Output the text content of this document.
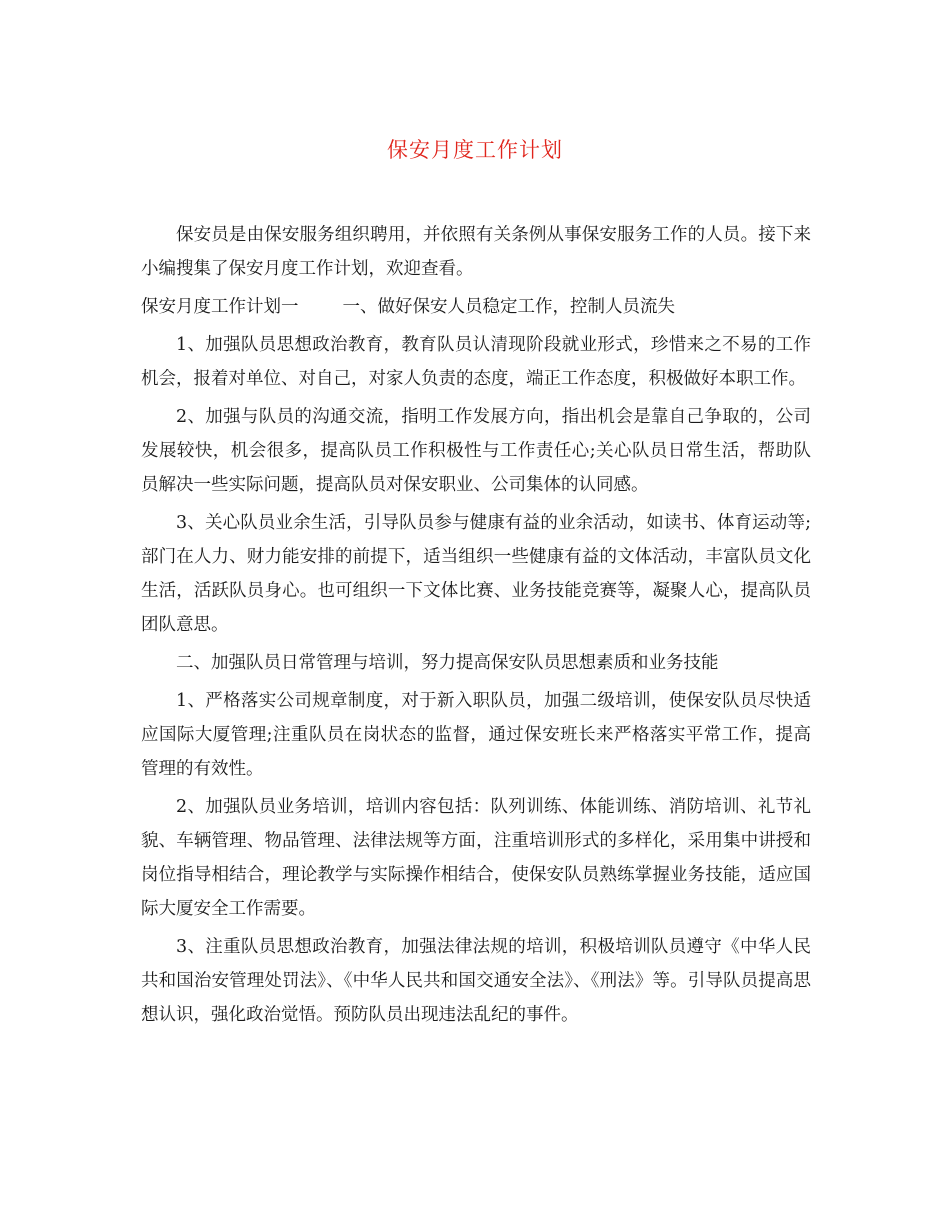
保安月度工作计划

保安员是由保安服务组织聘用，并依照有关条例从事保安服务工作的人员。接下来小编搜集了保安月度工作计划，欢迎查看。

保安月度工作计划一	一、做好保安人员稳定工作，控制人员流失

1、加强队员思想政治教育，教育队员认清现阶段就业形式，珍惜来之不易的工作机会，报着对单位、对自己，对家人负责的态度，端正工作态度，积极做好本职工作。

2、加强与队员的沟通交流，指明工作发展方向，指出机会是靠自己争取的，公司发展较快，机会很多，提高队员工作积极性与工作责任心;关心队员日常生活，帮助队员解决一些实际问题，提高队员对保安职业、公司集体的认同感。

3、关心队员业余生活，引导队员参与健康有益的业余活动，如读书、体育运动等;部门在人力、财力能安排的前提下，适当组织一些健康有益的文体活动，丰富队员文化生活，活跃队员身心。也可组织一下文体比赛、业务技能竞赛等，凝聚人心，提高队员团队意思。

二、加强队员日常管理与培训，努力提高保安队员思想素质和业务技能

1、严格落实公司规章制度，对于新入职队员，加强二级培训，使保安队员尽快适应国际大厦管理;注重队员在岗状态的监督，通过保安班长来严格落实平常工作，提高管理的有效性。

2、加强队员业务培训，培训内容包括：队列训练、体能训练、消防培训、礼节礼貌、车辆管理、物品管理、法律法规等方面，注重培训形式的多样化，采用集中讲授和岗位指导相结合，理论教学与实际操作相结合，使保安队员熟练掌握业务技能，适应国际大厦安全工作需要。

3、注重队员思想政治教育，加强法律法规的培训，积极培训队员遵守《中华人民共和国治安管理处罚法》、《中华人民共和国交通安全法》、《刑法》等。引导队员提高思想认识，强化政治觉悟。预防队员出现违法乱纪的事件。
